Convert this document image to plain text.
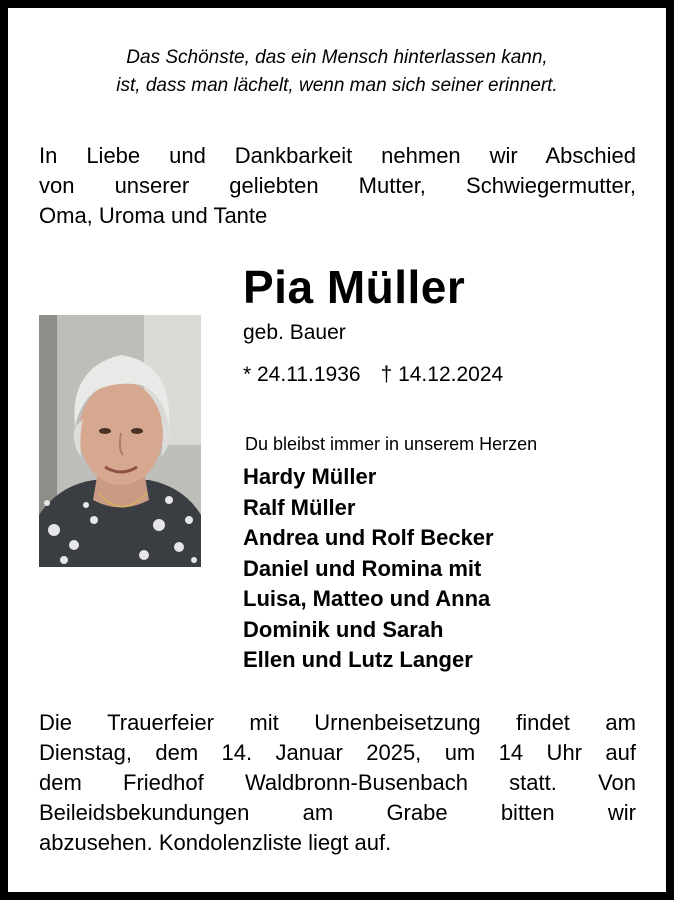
Das Schönste, das ein Mensch hinterlassen kann,
ist, dass man lächelt, wenn man sich seiner erinnert.
In Liebe und Dankbarkeit nehmen wir Abschied
von unserer geliebten Mutter, Schwiegermutter,
Oma, Uroma und Tante
Pia Müller
geb. Bauer
* 24.11.1936 † 14.12.2024
Du bleibst immer in unserem Herzen
Hardy Müller
Ralf Müller
Andrea und Rolf Becker
Daniel und Romina mit
Luisa, Matteo und Anna
Dominik und Sarah
Ellen und Lutz Langer
Die Trauerfeier mit Urnenbeisetzung findet am
Dienstag, dem 14. Januar 2025, um 14 Uhr auf
dem Friedhof Waldbronn-Busenbach statt. Von
Beileidsbekundungen am Grabe bitten wir
abzusehen. Kondolenzliste liegt auf.
